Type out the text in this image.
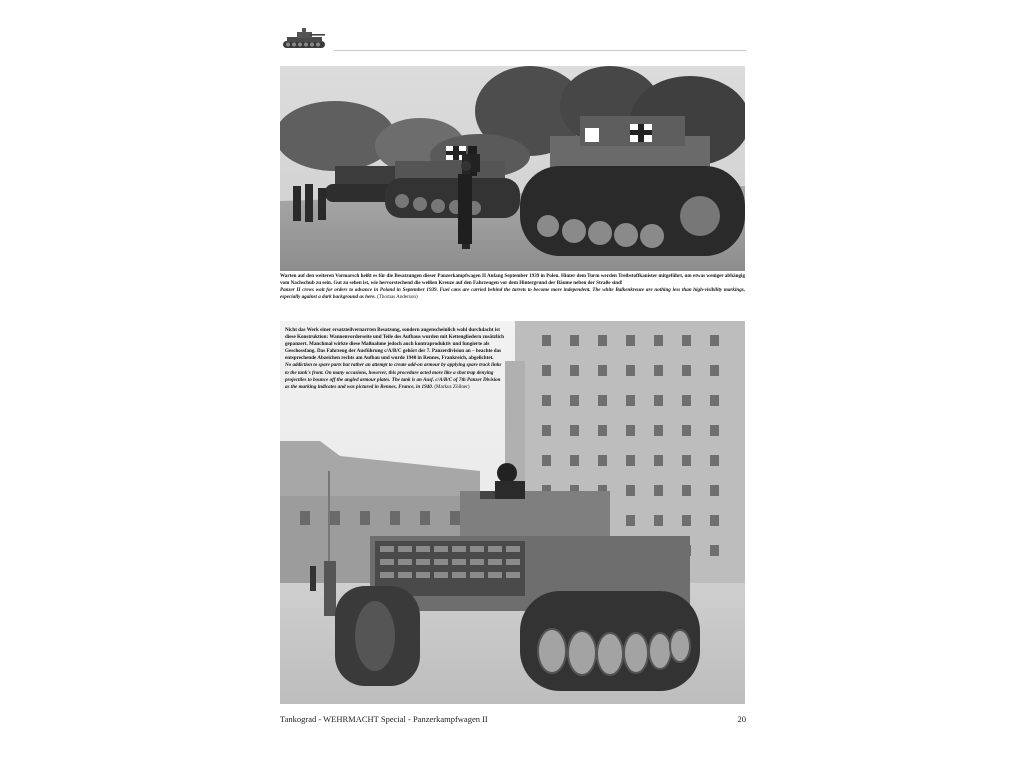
Warten auf den weiteren Vormarsch heißt es für die Besatzungen dieser Panzerkampfwagen II Anfang September 1939 in Polen. Hinter dem Turm werden Treibstoffkanister mitgeführt, um etwas weniger abhängig vom Nachschub zu sein. Gut zu sehen ist, wie hervorstechend die weißen Kreuze auf den Fahrzeugen vor dem Hintergrund der Bäume neben der Straße sind!
Panzer II crews wait for orders to advance in Poland in September 1939. Fuel cans are carried behind the turrets to become more independent. The white Balkenkreuze are nothing less than high-visibility markings, especially against a dark background as here. (Thomas Anderson)

Nicht das Werk einer ersatzteilvernarrten Besatzung, sondern augenscheinlich wohl durchdacht ist diese Konstruktion: Wannenvorderseite und Teile des Aufbaus wurden mit Kettengliedern zusätzlich gepanzert. Manchmal wirkte diese Maßnahme jedoch auch kontraproduktiv und fungierte als Geschossfang. Das Fahrzeug der Ausführung c/A/B/C gehört der 7. Panzerdivision an – beachte das entsprechende Abzeichen rechts am Aufbau und wurde 1940 in Rennes, Frankreich, abgelichtet.
No addiction to spare parts but rather an attempt to create add-on armour by applying spare track links to the tank's front. On many occasions, however, this procedure acted more like a shot trap denying projectiles to bounce off the angled armour plates. The tank is an Ausf. c/A/B/C of 7th Panzer Division as the marking indicates and was pictured in Rennes, France, in 1940. (Markus Zöllner)

Tankograd - WEHRMACHT Special - Panzerkampfwagen II	20
